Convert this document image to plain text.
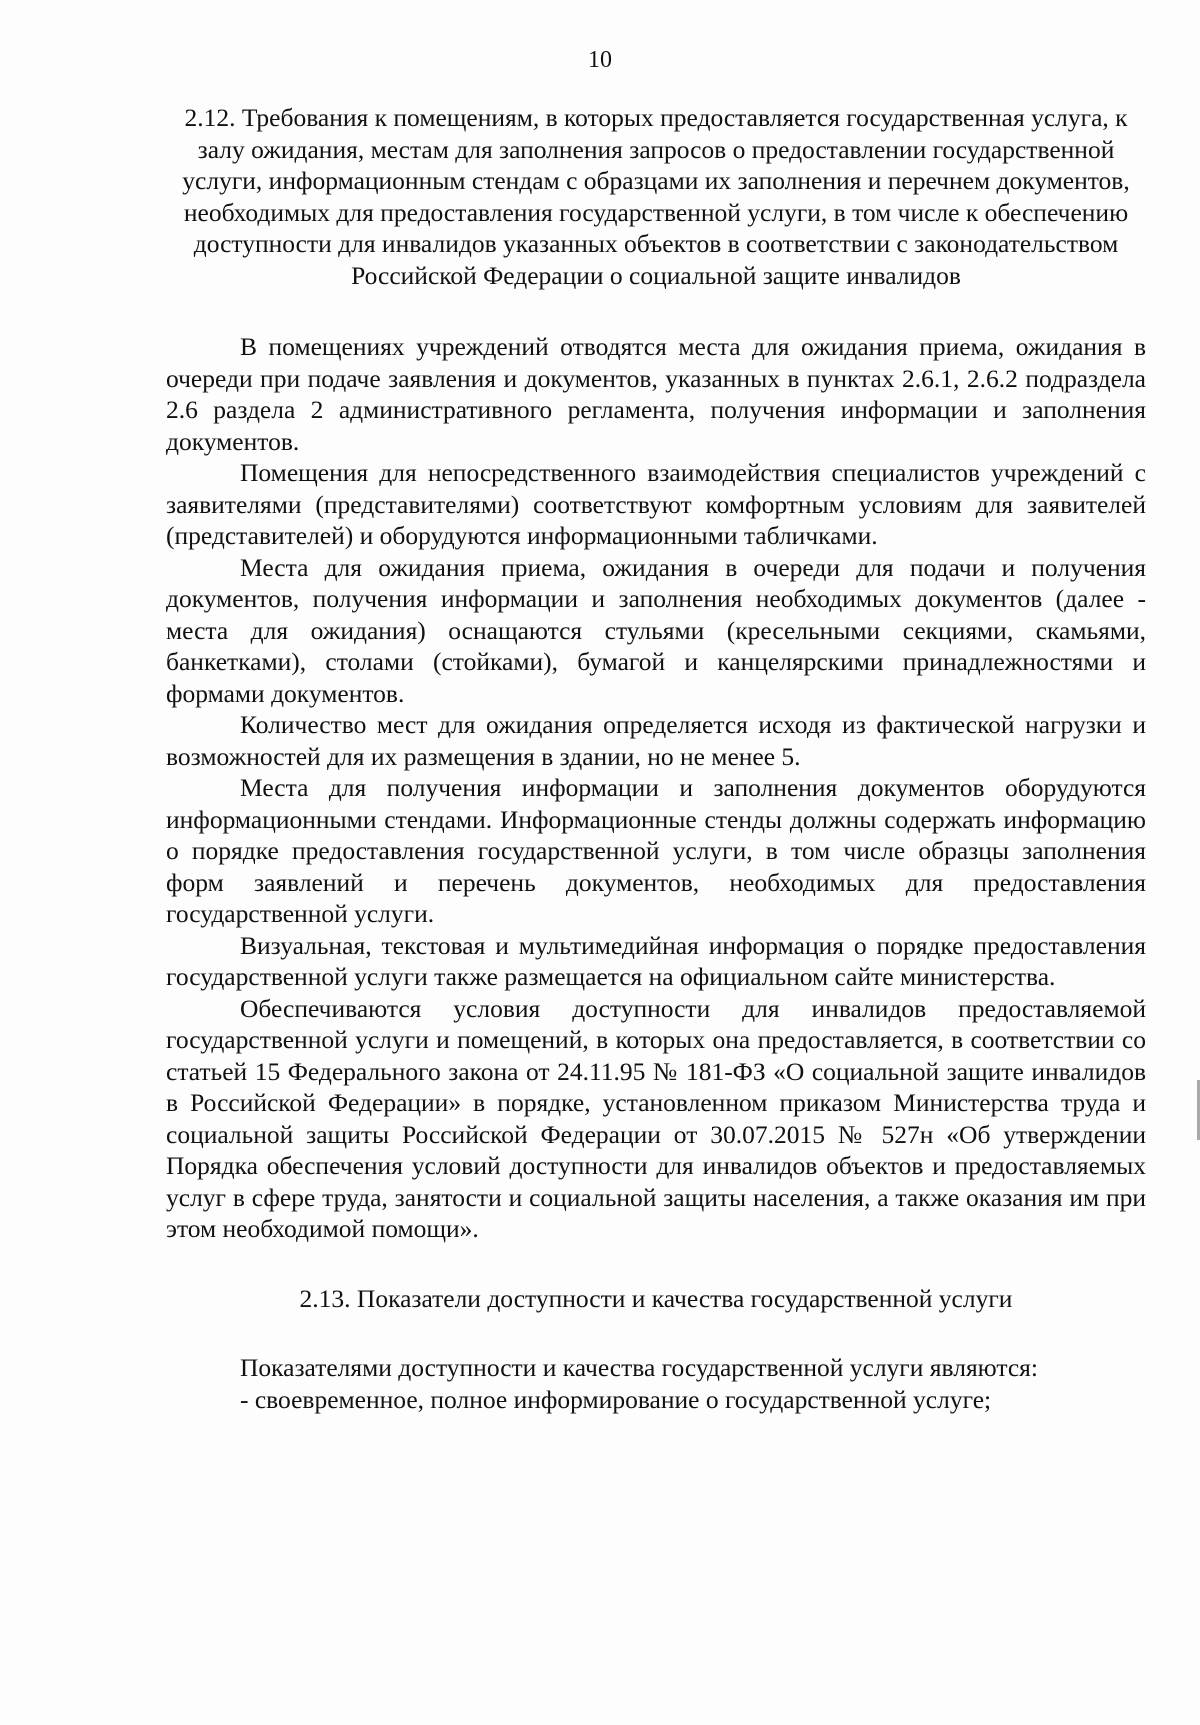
10

2.12. Требования к помещениям, в которых предоставляется государственная услуга, к залу ожидания, местам для заполнения запросов о предоставлении государственной услуги, информационным стендам с образцами их заполнения и перечнем документов, необходимых для предоставления государственной услуги, в том числе к обеспечению доступности для инвалидов указанных объектов в соответствии с законодательством Российской Федерации о социальной защите инвалидов

В помещениях учреждений отводятся места для ожидания приема, ожидания в очереди при подаче заявления и документов, указанных в пунктах 2.6.1, 2.6.2 подраздела 2.6 раздела 2 административного регламента, получения информации и заполнения документов.

Помещения для непосредственного взаимодействия специалистов учреждений с заявителями (представителями) соответствуют комфортным условиям для заявителей (представителей) и оборудуются информационными табличками.

Места для ожидания приема, ожидания в очереди для подачи и получения документов, получения информации и заполнения необходимых документов (далее - места для ожидания) оснащаются стульями (кресельными секциями, скамьями, банкетками), столами (стойками), бумагой и канцелярскими принадлежностями и формами документов.

Количество мест для ожидания определяется исходя из фактической нагрузки и возможностей для их размещения в здании, но не менее 5.

Места для получения информации и заполнения документов оборудуются информационными стендами. Информационные стенды должны содержать информацию о порядке предоставления государственной услуги, в том числе образцы заполнения форм заявлений и перечень документов, необходимых для предоставления государственной услуги.

Визуальная, текстовая и мультимедийная информация о порядке предоставления государственной услуги также размещается на официальном сайте министерства.

Обеспечиваются условия доступности для инвалидов предоставляемой государственной услуги и помещений, в которых она предоставляется, в соответствии со статьей 15 Федерального закона от 24.11.95 № 181-ФЗ «О социальной защите инвалидов в Российской Федерации» в порядке, установленном приказом Министерства труда и социальной защиты Российской Федерации от 30.07.2015 № 527н «Об утверждении Порядка обеспечения условий доступности для инвалидов объектов и предоставляемых услуг в сфере труда, занятости и социальной защиты населения, а также оказания им при этом необходимой помощи».

2.13. Показатели доступности и качества государственной услуги

Показателями доступности и качества государственной услуги являются:

- своевременное, полное информирование о государственной услуге;
